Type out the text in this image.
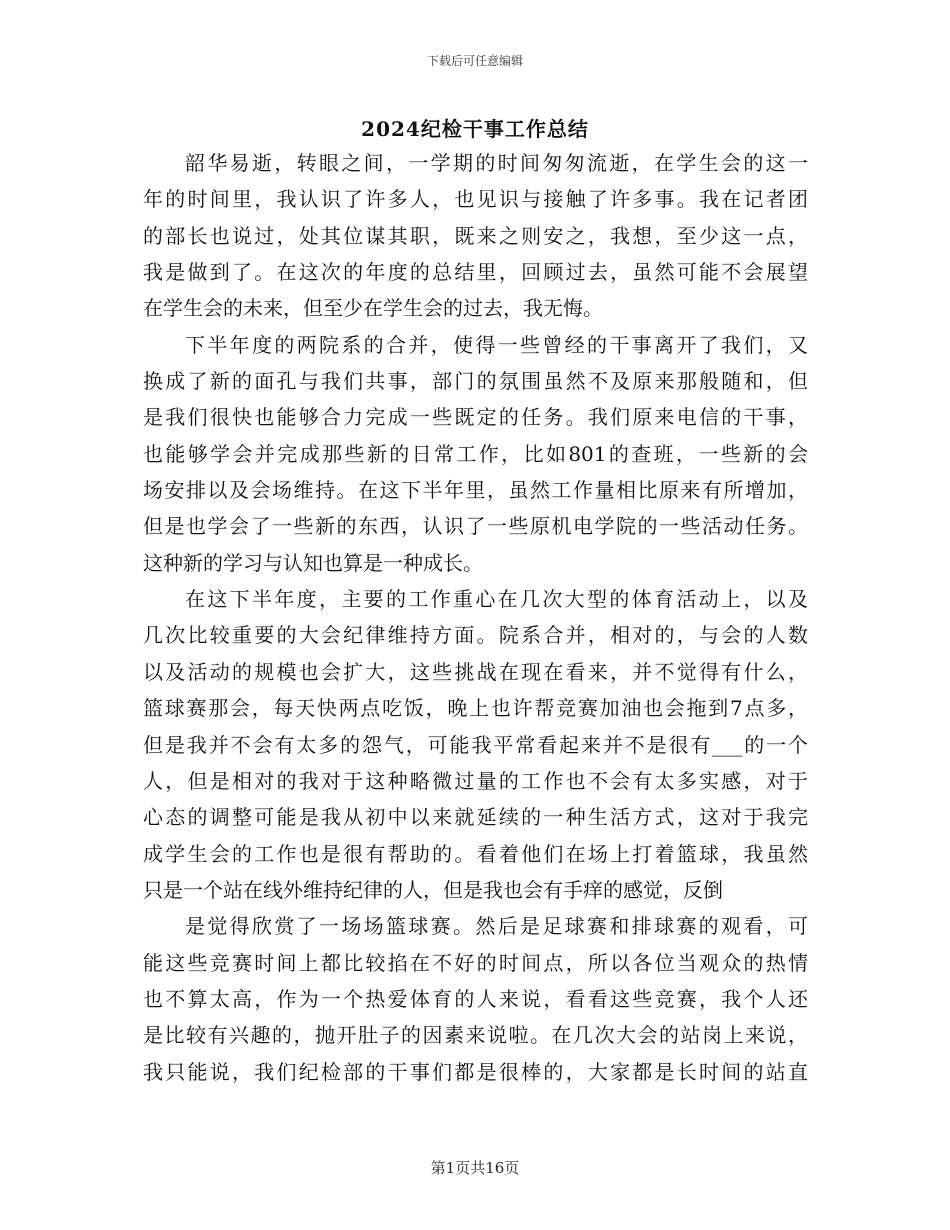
下载后可任意编辑
2024纪检干事工作总结
韶华易逝，转眼之间，一学期的时间匆匆流逝，在学生会的这一
年的时间里，我认识了许多人，也见识与接触了许多事。我在记者团
的部长也说过，处其位谋其职，既来之则安之，我想，至少这一点，
我是做到了。在这次的年度的总结里，回顾过去，虽然可能不会展望
在学生会的未来，但至少在学生会的过去，我无悔。
下半年度的两院系的合并，使得一些曾经的干事离开了我们，又
换成了新的面孔与我们共事，部门的氛围虽然不及原来那般随和，但
是我们很快也能够合力完成一些既定的任务。我们原来电信的干事，
也能够学会并完成那些新的日常工作，比如801的查班，一些新的会
场安排以及会场维持。在这下半年里，虽然工作量相比原来有所增加，
但是也学会了一些新的东西，认识了一些原机电学院的一些活动任务。
这种新的学习与认知也算是一种成长。
在这下半年度，主要的工作重心在几次大型的体育活动上，以及
几次比较重要的大会纪律维持方面。院系合并，相对的，与会的人数
以及活动的规模也会扩大，这些挑战在现在看来，并不觉得有什么，
篮球赛那会，每天快两点吃饭，晚上也许帮竞赛加油也会拖到7点多，
但是我并不会有太多的怨气，可能我平常看起来并不是很有___的一个
人，但是相对的我对于这种略微过量的工作也不会有太多实感，对于
心态的调整可能是我从初中以来就延续的一种生活方式，这对于我完
成学生会的工作也是很有帮助的。看着他们在场上打着篮球，我虽然
只是一个站在线外维持纪律的人，但是我也会有手痒的感觉，反倒
是觉得欣赏了一场场篮球赛。然后是足球赛和排球赛的观看，可
能这些竞赛时间上都比较掐在不好的时间点，所以各位当观众的热情
也不算太高，作为一个热爱体育的人来说，看看这些竞赛，我个人还
是比较有兴趣的，抛开肚子的因素来说啦。在几次大会的站岗上来说，
我只能说，我们纪检部的干事们都是很棒的，大家都是长时间的站直
第1页共16页
